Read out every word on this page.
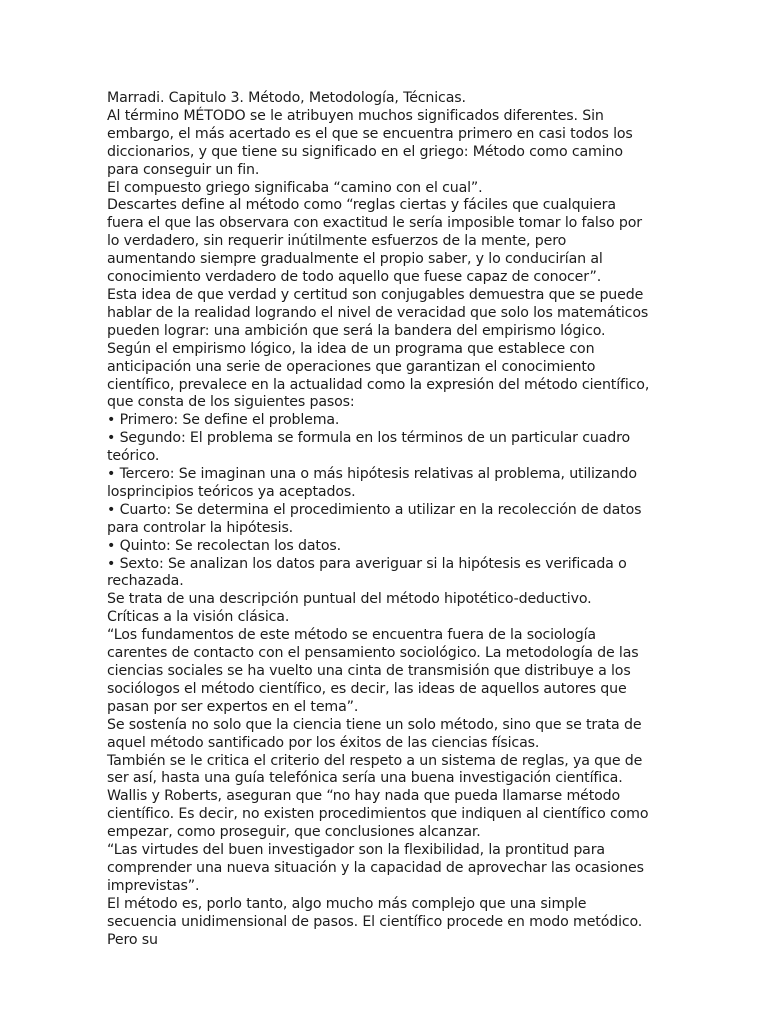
Marradi. Capitulo 3. Método, Metodología, Técnicas.

Al término MÉTODO se le atribuyen muchos significados diferentes. Sin embargo, el más acertado es el que se encuentra primero en casi todos los diccionarios, y que tiene su significado en el griego: Método como camino para conseguir un fin.

El compuesto griego significaba “camino con el cual”.

Descartes define al método como “reglas ciertas y fáciles que cualquiera fuera el que las observara con exactitud le sería imposible tomar lo falso por lo verdadero, sin requerir inútilmente esfuerzos de la mente, pero aumentando siempre gradualmente el propio saber, y lo conducirían al conocimiento verdadero de todo aquello que fuese capaz de conocer”.

Esta idea de que verdad y certitud son conjugables demuestra que se puede hablar de la realidad logrando el nivel de veracidad que solo los matemáticos pueden lograr: una ambición que será la bandera del empirismo lógico.

Según el empirismo lógico, la idea de un programa que establece con anticipación una serie de operaciones que garantizan el conocimiento científico, prevalece en la actualidad como la expresión del método científico, que consta de los siguientes pasos:

• Primero: Se define el problema.

• Segundo: El problema se formula en los términos de un particular cuadro teórico.

• Tercero: Se imaginan una o más hipótesis relativas al problema, utilizando losprincipios teóricos ya aceptados.

• Cuarto: Se determina el procedimiento a utilizar en la recolección de datos para controlar la hipótesis.

• Quinto: Se recolectan los datos.

• Sexto: Se analizan los datos para averiguar si la hipótesis es verificada o rechazada.

Se trata de una descripción puntual del método hipotético-deductivo.

Críticas a la visión clásica.

“Los fundamentos de este método se encuentra fuera de la sociología carentes de contacto con el pensamiento sociológico. La metodología de las ciencias sociales se ha vuelto una cinta de transmisión que distribuye a los sociólogos el método científico, es decir, las ideas de aquellos autores que pasan por ser expertos en el tema”.

Se sostenía no solo que la ciencia tiene un solo método, sino que se trata de aquel método santificado por los éxitos de las ciencias físicas.

También se le critica el criterio del respeto a un sistema de reglas, ya que de ser así, hasta una guía telefónica sería una buena investigación científica.

Wallis y Roberts, aseguran que “no hay nada que pueda llamarse método científico. Es decir, no existen procedimientos que indiquen al científico como empezar, como proseguir, que conclusiones alcanzar.

“Las virtudes del buen investigador son la flexibilidad, la prontitud para comprender una nueva situación y la capacidad de aprovechar las ocasiones imprevistas”.

El método es, porlo tanto, algo mucho más complejo que una simple secuencia unidimensional de pasos. El científico procede en modo metódico. Pero su
